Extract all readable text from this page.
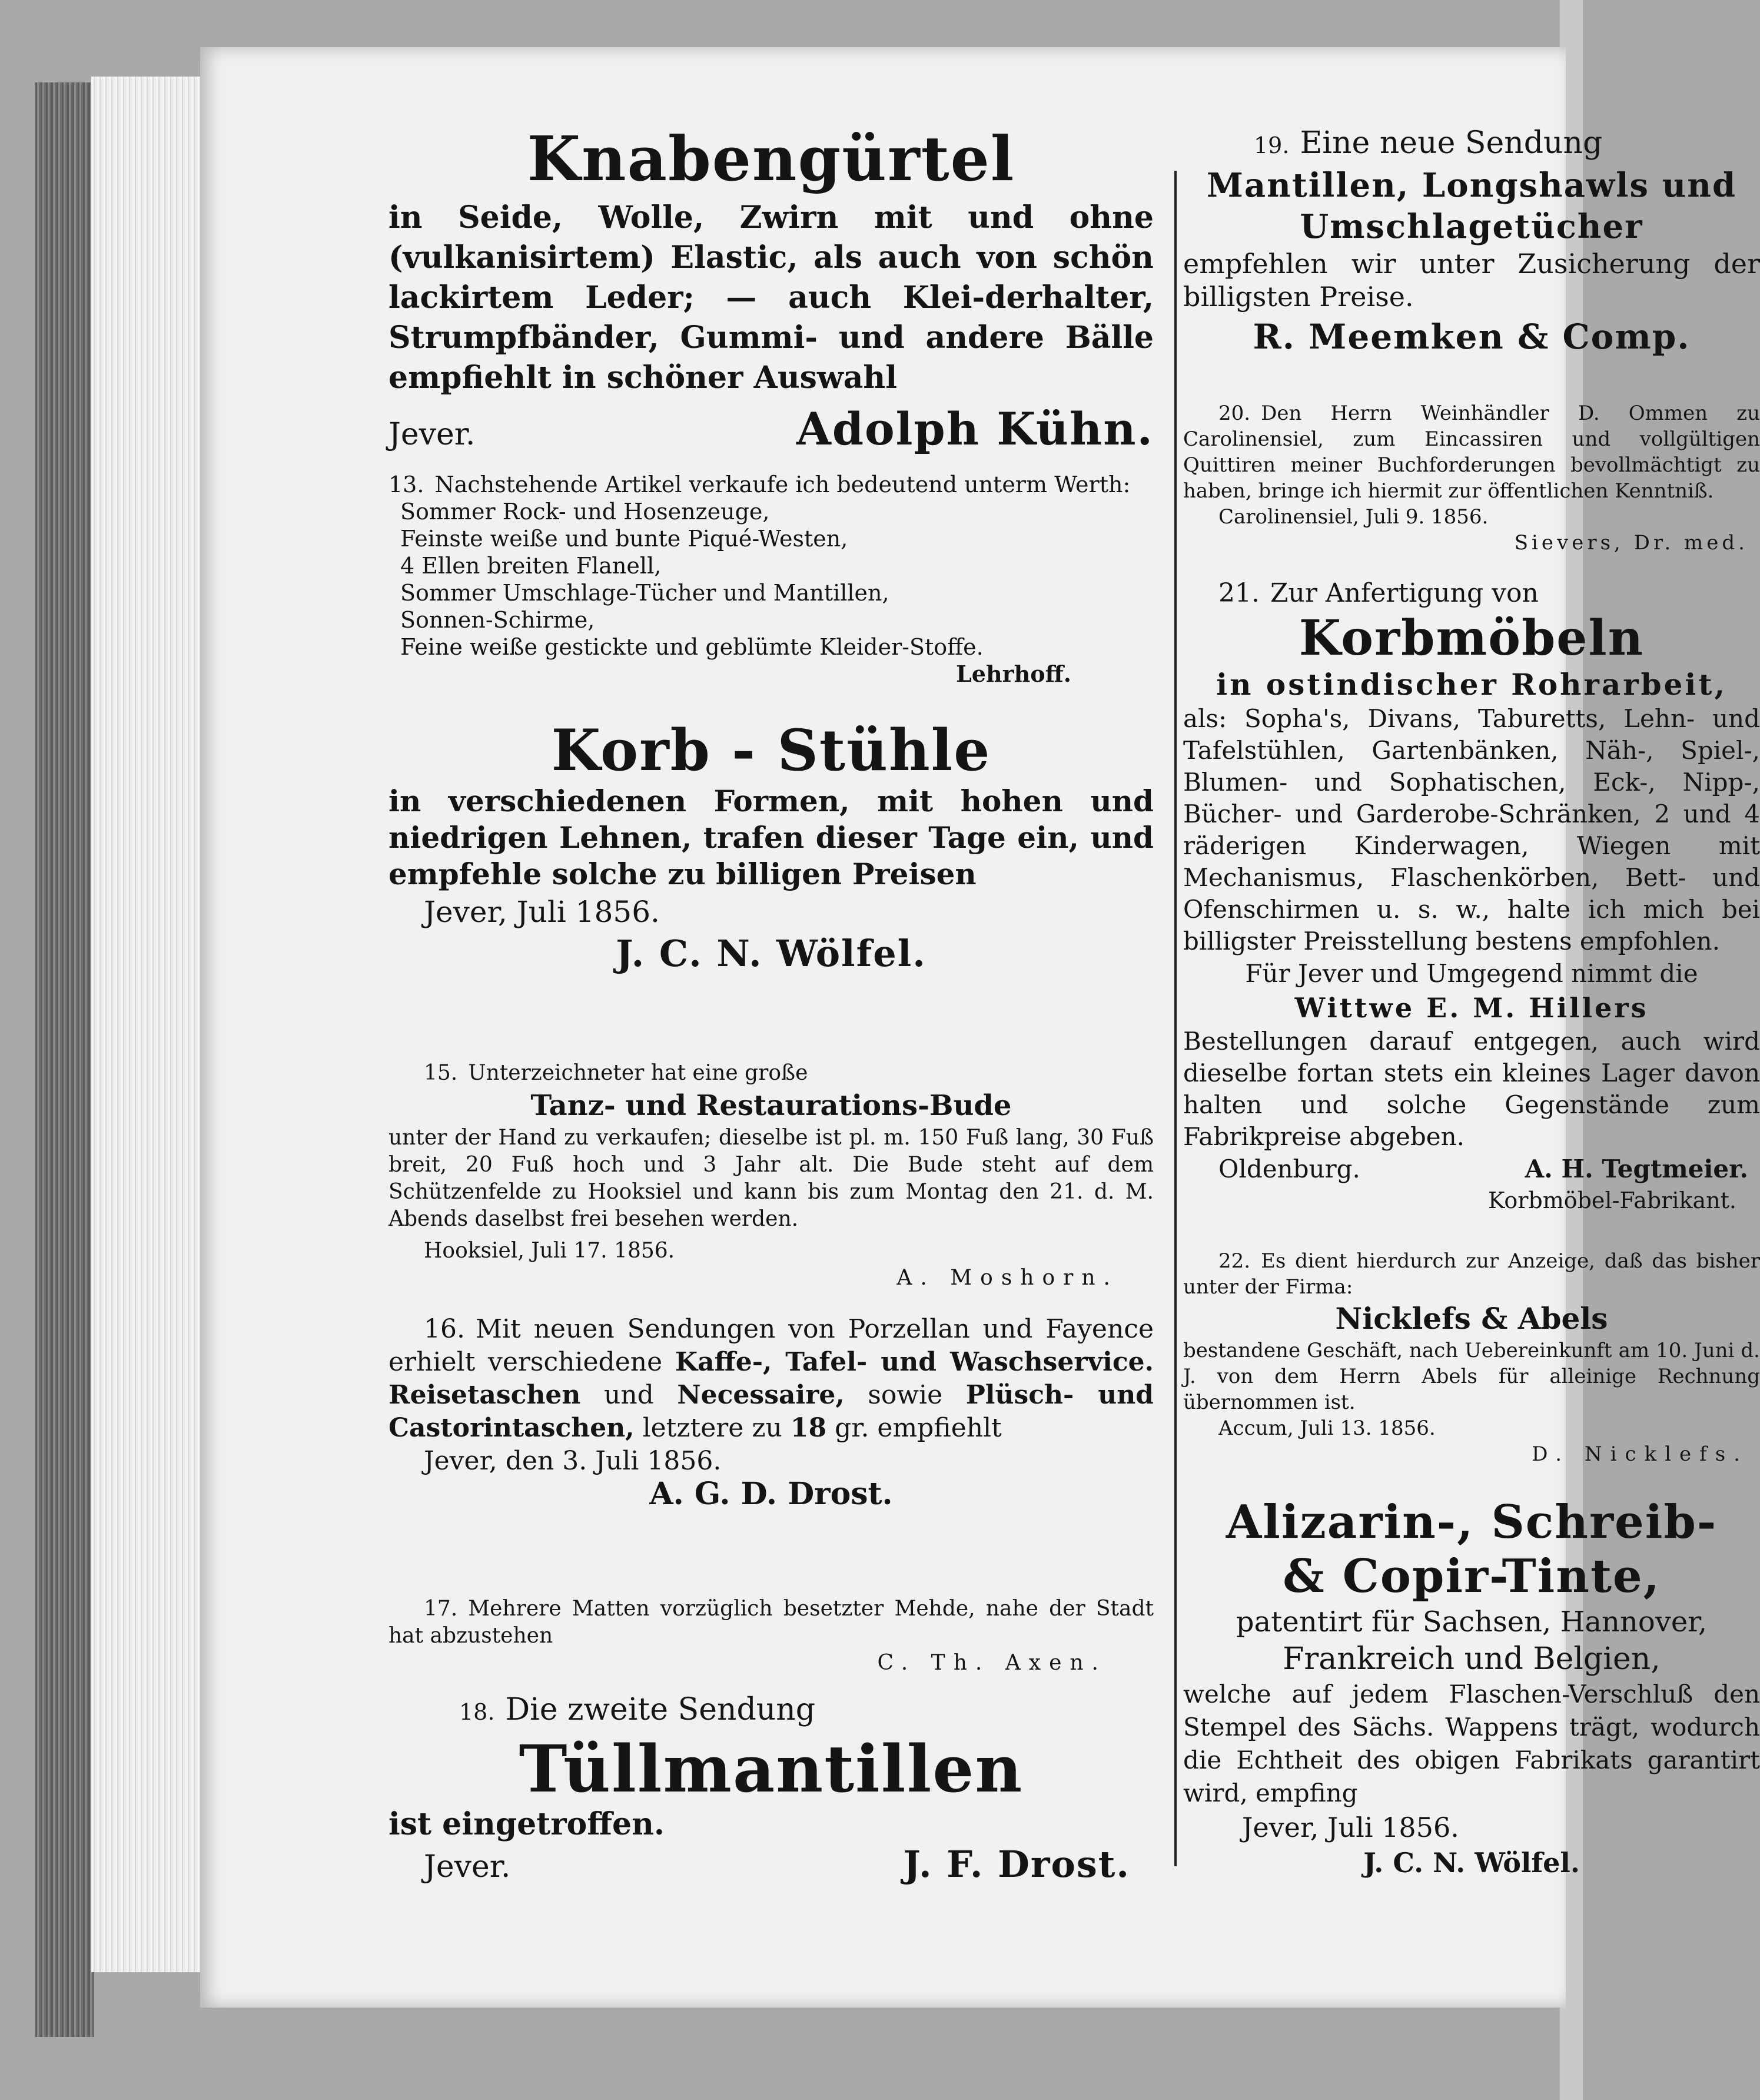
Knabengürtel

in Seide, Wolle, Zwirn mit und ohne (vulkanisirtem) Elastic, als auch von schön lackirtem Leder; — auch Klei-derhalter, Strumpfbänder, Gummi- und andere Bälle empfiehlt in schöner Auswahl

Jever.	Adolph Kühn.

13. Nachstehende Artikel verkaufe ich bedeutend unterm Werth:

Sommer Rock- und Hosenzeuge,

Feinste weiße und bunte Piqué-Westen,

4 Ellen breiten Flanell,

Sommer Umschlage-Tücher und Mantillen,

Sonnen-Schirme,

Feine weiße gestickte und geblümte Kleider-Stoffe.

Lehrhoff.

Korb - Stühle

in verschiedenen Formen, mit hohen und niedrigen Lehnen, trafen dieser Tage ein, und empfehle solche zu billigen Preisen

Jever, Juli 1856.

J. C. N. Wölfel.

15. Unterzeichneter hat eine große

Tanz- und Restaurations-Bude

unter der Hand zu verkaufen; dieselbe ist pl. m. 150 Fuß lang, 30 Fuß breit, 20 Fuß hoch und 3 Jahr alt. Die Bude steht auf dem Schützenfelde zu Hooksiel und kann bis zum Montag den 21. d. M. Abends daselbst frei besehen werden.

Hooksiel, Juli 17. 1856.

A. Moshorn.

16. Mit neuen Sendungen von Porzellan und Fayence erhielt verschiedene Kaffe-, Tafel- und Waschservice. Reisetaschen und Necessaire, sowie Plüsch- und Castorintaschen, letztere zu 18 gr. empfiehlt

Jever, den 3. Juli 1856.

A. G. D. Drost.

17. Mehrere Matten vorzüglich besetzter Mehde, nahe der Stadt hat abzustehen

C. Th. Axen.

18. Die zweite Sendung

Tüllmantillen

ist eingetroffen.

Jever.	J. F. Drost.

19. Eine neue Sendung

Mantillen, Longshawls und Umschlagetücher

empfehlen wir unter Zusicherung der billigsten Preise.

R. Meemken & Comp.

20. Den Herrn Weinhändler D. Ommen zu Carolinensiel, zum Eincassiren und vollgültigen Quittiren meiner Buchforderungen bevollmächtigt zu haben, bringe ich hiermit zur öffentlichen Kenntniß.

Carolinensiel, Juli 9. 1856.

Sievers, Dr. med.

21. Zur Anfertigung von

Korbmöbeln

in ostindischer Rohrarbeit,

als: Sopha's, Divans, Taburetts, Lehn- und Tafelstühlen, Gartenbänken, Näh-, Spiel-, Blumen- und Sophatischen, Eck-, Nipp-, Bücher- und Garderobe-Schränken, 2 und 4 räderigen Kinderwagen, Wiegen mit Mechanismus, Flaschenkörben, Bett- und Ofenschirmen u. s. w., halte ich mich bei billigster Preisstellung bestens empfohlen.

Für Jever und Umgegend nimmt die

Wittwe E. M. Hillers

Bestellungen darauf entgegen, auch wird dieselbe fortan stets ein kleines Lager davon halten und solche Gegenstände zum Fabrikpreise abgeben.

Oldenburg.	A. H. Tegtmeier.

Korbmöbel-Fabrikant.

22. Es dient hierdurch zur Anzeige, daß das bisher unter der Firma:

Nicklefs & Abels

bestandene Geschäft, nach Uebereinkunft am 10. Juni d. J. von dem Herrn Abels für alleinige Rechnung übernommen ist.

Accum, Juli 13. 1856.

D. Nicklefs.

Alizarin-, Schreib-

& Copir-Tinte,

patentirt für Sachsen, Hannover,

Frankreich und Belgien,

welche auf jedem Flaschen-Verschluß den Stempel des Sächs. Wappens trägt, wodurch die Echtheit des obigen Fabrikats garantirt wird, empfing

Jever, Juli 1856.

J. C. N. Wölfel.
